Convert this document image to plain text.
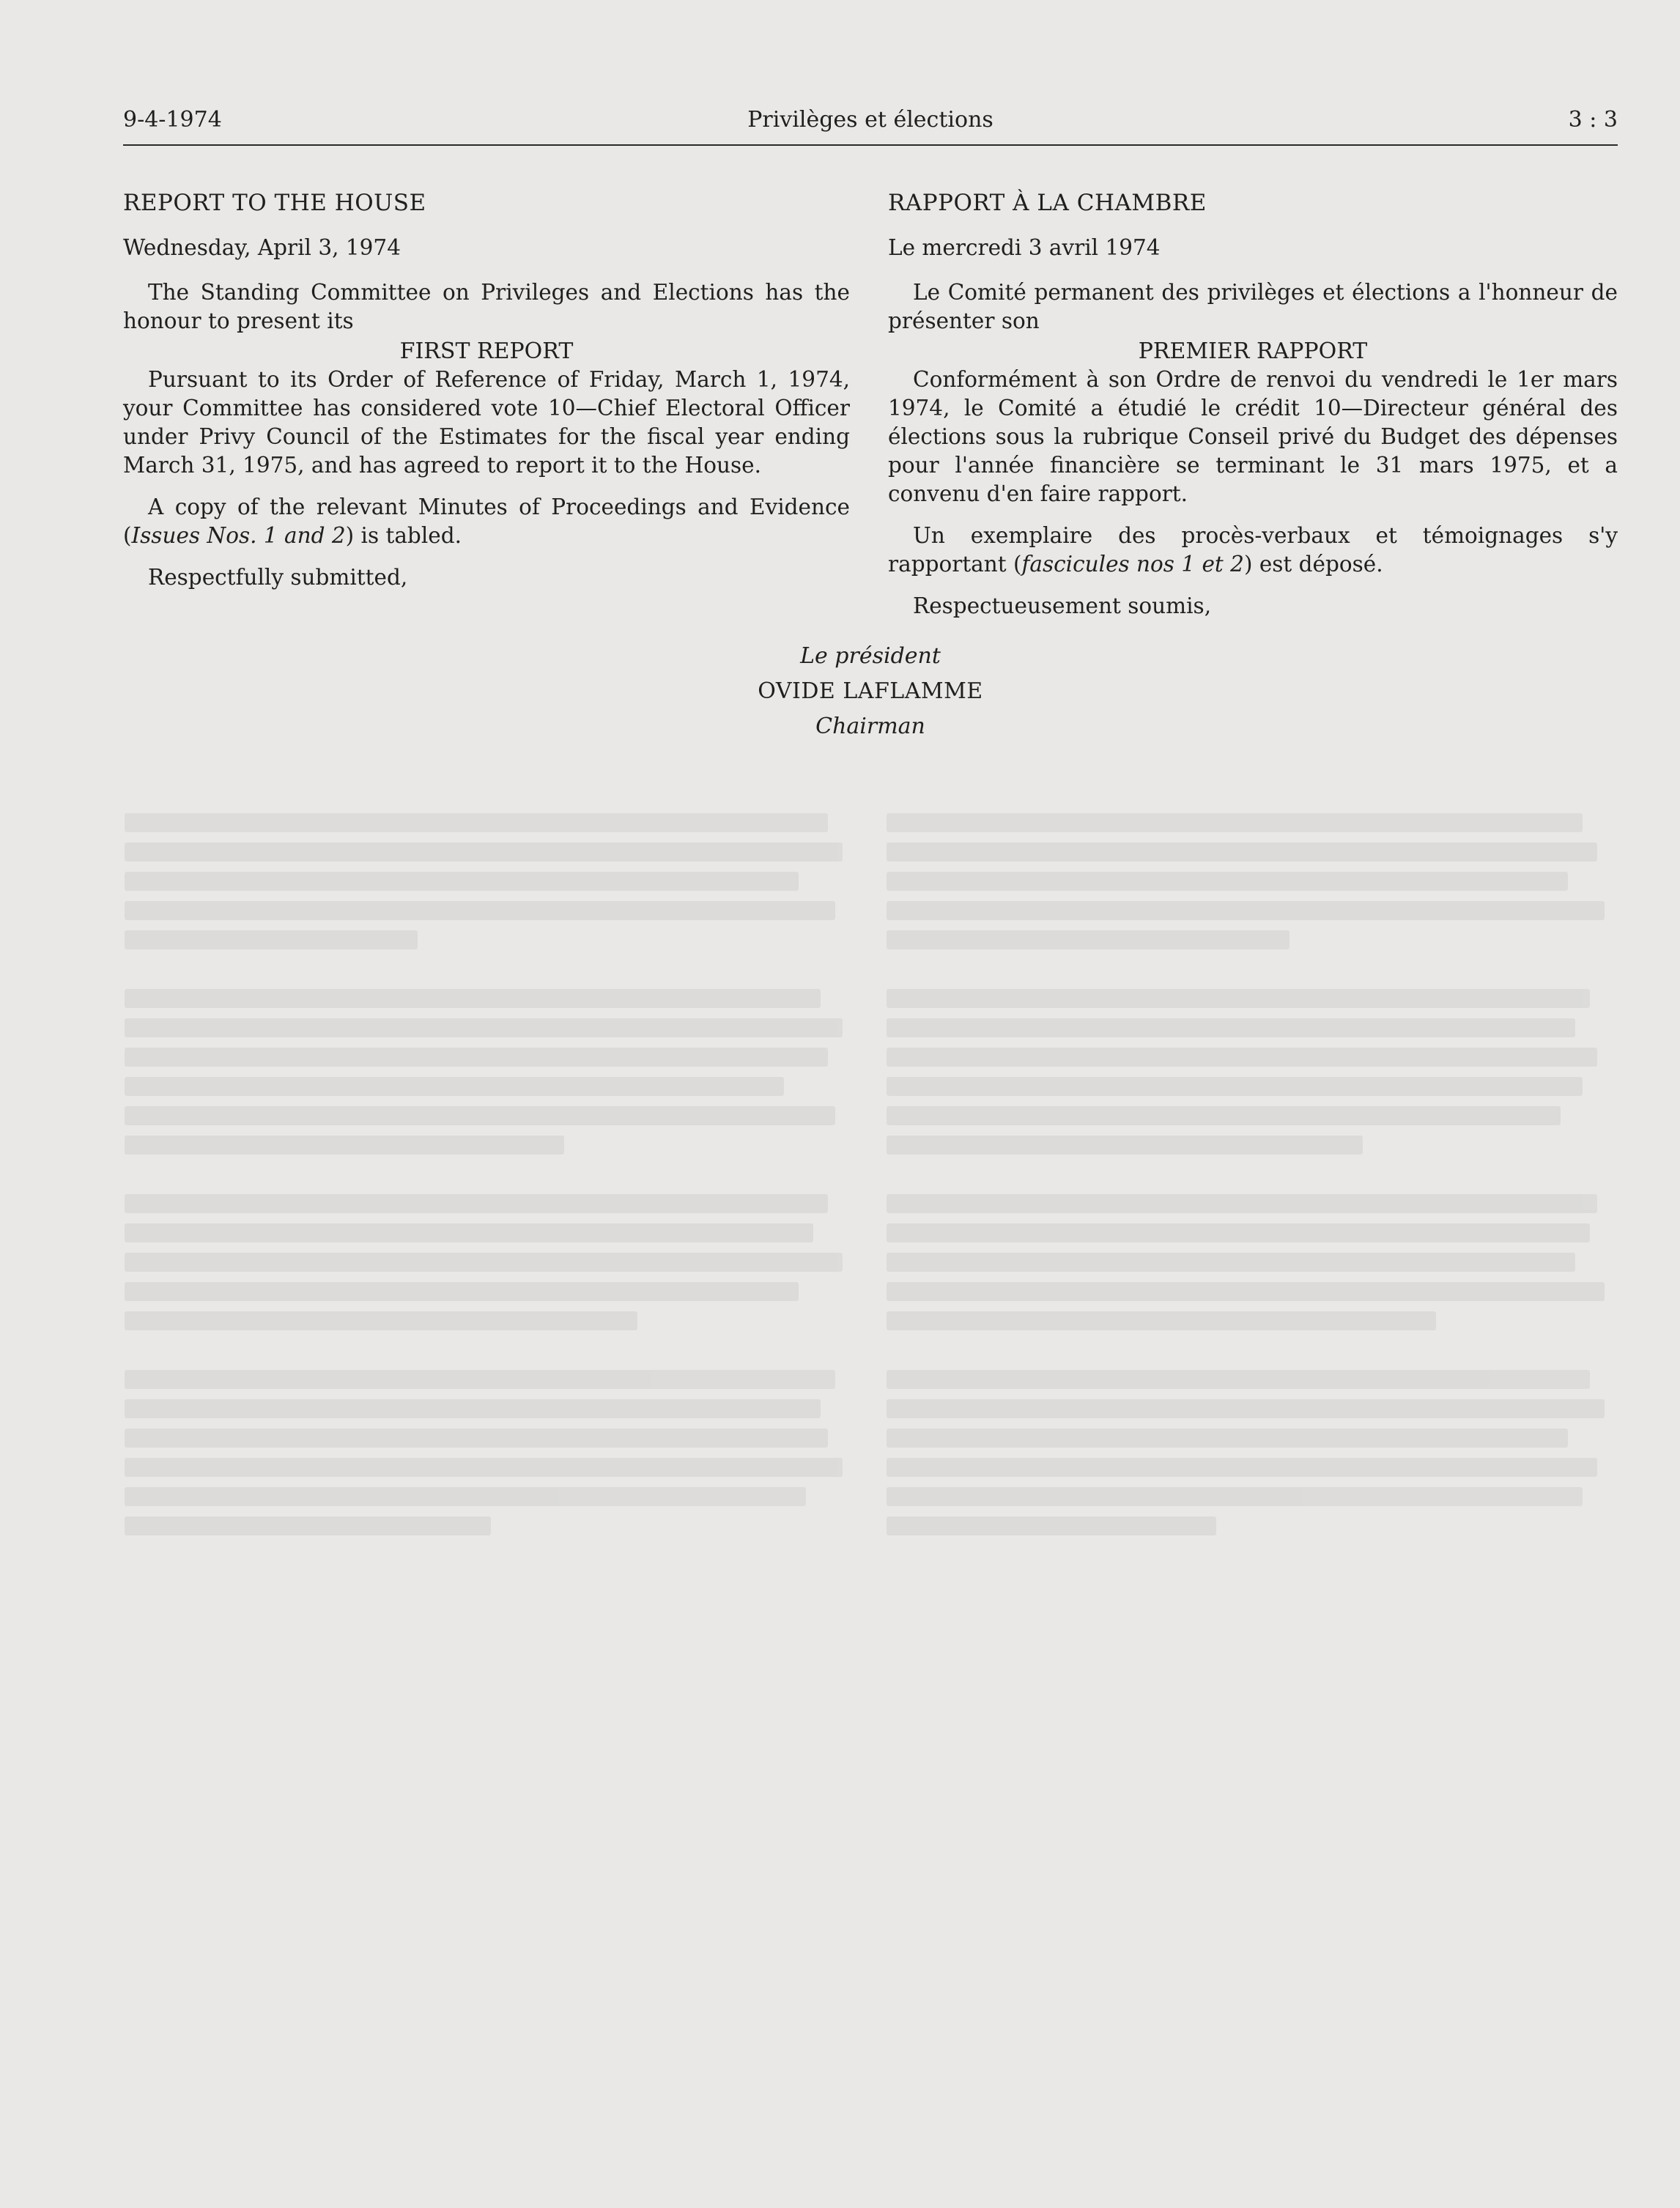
9-4-1974	Privilèges et élections	3 : 3
REPORT TO THE HOUSE
Wednesday, April 3, 1974
The Standing Committee on Privileges and Elections has the honour to present its
FIRST REPORT
Pursuant to its Order of Reference of Friday, March 1, 1974, your Committee has considered vote 10—Chief Electoral Officer under Privy Council of the Estimates for the fiscal year ending March 31, 1975, and has agreed to report it to the House.
A copy of the relevant Minutes of Proceedings and Evidence (Issues Nos. 1 and 2) is tabled.
Respectfully submitted,
RAPPORT À LA CHAMBRE
Le mercredi 3 avril 1974
Le Comité permanent des privilèges et élections a l'honneur de présenter son
PREMIER RAPPORT
Conformément à son Ordre de renvoi du vendredi le 1er mars 1974, le Comité a étudié le crédit 10—Directeur général des élections sous la rubrique Conseil privé du Budget des dépenses pour l'année financière se terminant le 31 mars 1975, et a convenu d'en faire rapport.
Un exemplaire des procès-verbaux et témoignages s'y rapportant (fascicules nos 1 et 2) est déposé.
Respectueusement soumis,
Le président
OVIDE LAFLAMME
Chairman
